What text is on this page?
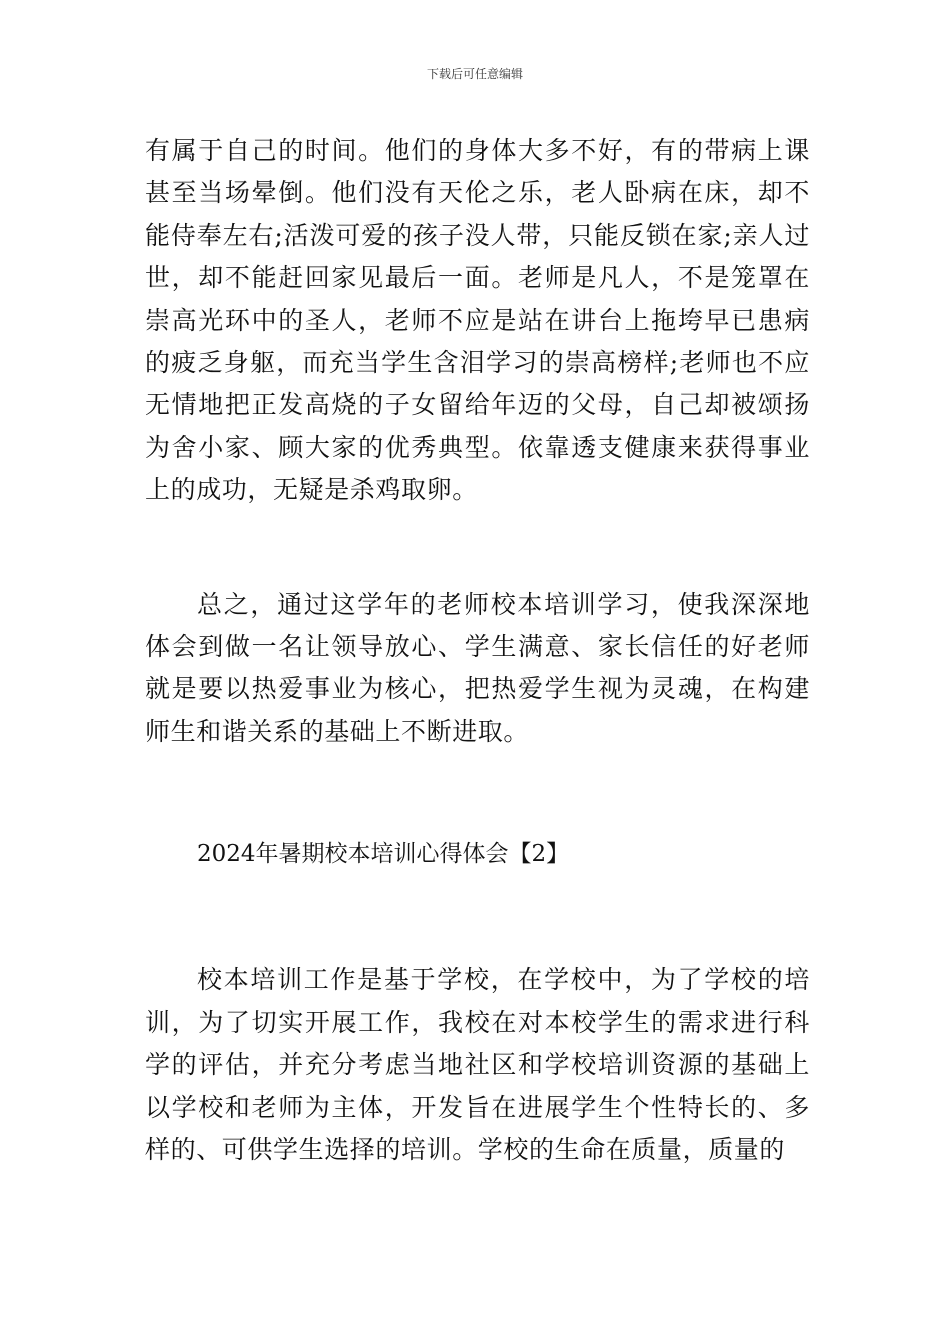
下载后可任意编辑

有属于自己的时间。他们的身体大多不好，有的带病上课甚至当场晕倒。他们没有天伦之乐，老人卧病在床，却不能侍奉左右;活泼可爱的孩子没人带，只能反锁在家;亲人过世，却不能赶回家见最后一面。老师是凡人，不是笼罩在崇高光环中的圣人，老师不应是站在讲台上拖垮早已患病的疲乏身躯，而充当学生含泪学习的崇高榜样;老师也不应无情地把正发高烧的子女留给年迈的父母，自己却被颂扬为舍小家、顾大家的优秀典型。依靠透支健康来获得事业上的成功，无疑是杀鸡取卵。

总之，通过这学年的老师校本培训学习，使我深深地体会到做一名让领导放心、学生满意、家长信任的好老师就是要以热爱事业为核心，把热爱学生视为灵魂，在构建师生和谐关系的基础上不断进取。

2024年暑期校本培训心得体会【2】

校本培训工作是基于学校，在学校中，为了学校的培训，为了切实开展工作，我校在对本校学生的需求进行科学的评估，并充分考虑当地社区和学校培训资源的基础上以学校和老师为主体，开发旨在进展学生个性特长的、多样的、可供学生选择的培训。学校的生命在质量，质量的
